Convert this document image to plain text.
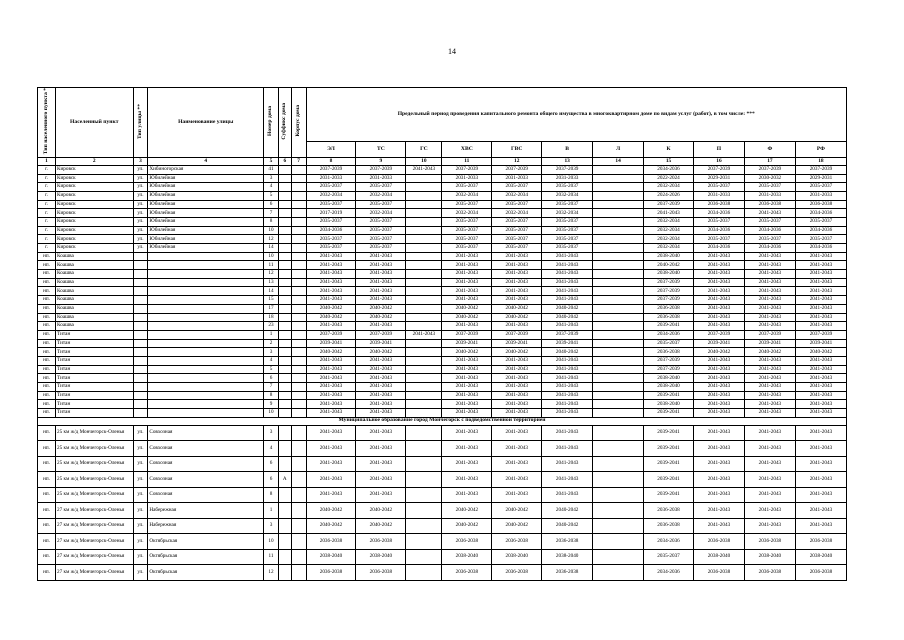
14
Тип населенного пункта *	Населенный пункт	Тип улицы **	Наименование улицы	Номер дома	Суффикс дома	Корпус дома	Предельный период проведения капитального ремонта общего имущества в многоквартирном доме по видам услуг (работ), в том числе: ***										
							ЭЛ	ТС	ГС	ХВС	ГВС	В	Л	К	П	Ф	РФ
1	2	3	4	5	6	7	8	9	10	11	12	13	14	15	16	17	18
г.	Кировск	ул.	Хибиногорская	41			2037-2039	2037-2039	2041-2043	2037-2039	2037-2039	2037-2039		2034-2036	2037-2039	2037-2039	2037-2039
г.	Кировск	ул.	Юбилейная	3			2031-2033	2031-2033		2031-2033	2031-2033	2031-2033		2022-2024	2029-2031	2030-2032	2029-2031
г.	Кировск	ул.	Юбилейная	4			2035-2037	2035-2037		2035-2037	2035-2037	2035-2037		2032-2034	2035-2037	2035-2037	2035-2037
г.	Кировск	ул.	Юбилейная	5			2032-2034	2032-2034		2032-2034	2032-2034	2032-2034		2024-2026	2031-2033	2031-2033	2031-2033
г.	Кировск	ул.	Юбилейная	6			2035-2037	2035-2037		2035-2037	2035-2037	2035-2037		2037-2039	2036-2038	2036-2038	2036-2038
г.	Кировск	ул.	Юбилейная	7			2017-2019	2032-2034		2032-2034	2032-2034	2032-2034		2041-2043	2034-2036	2041-2043	2034-2036
г.	Кировск	ул.	Юбилейная	8			2035-2037	2035-2037		2035-2037	2035-2037	2035-2037		2032-2034	2035-2037	2035-2037	2035-2037
г.	Кировск	ул.	Юбилейная	10			2034-2036	2035-2037		2035-2037	2035-2037	2035-2037		2032-2034	2034-2036	2034-2036	2034-2036
г.	Кировск	ул.	Юбилейная	12			2035-2037	2035-2037		2035-2037	2035-2037	2035-2037		2032-2034	2035-2037	2035-2037	2035-2037
г.	Кировск	ул.	Юбилейная	14			2035-2037	2035-2037		2035-2037	2035-2037	2035-2037		2032-2034	2034-2036	2034-2036	2034-2036
нп.	Коашва			10			2041-2043	2041-2043		2041-2043	2041-2043	2041-2043		2038-2040	2041-2043	2041-2043	2041-2043
нп.	Коашва			11			2041-2043	2041-2043		2041-2043	2041-2043	2041-2043		2040-2042	2041-2043	2041-2043	2041-2043
нп.	Коашва			12			2041-2043	2041-2043		2041-2043	2041-2043	2041-2043		2038-2040	2041-2043	2041-2043	2041-2043
нп.	Коашва			13			2041-2043	2041-2043		2041-2043	2041-2043	2041-2043		2037-2039	2041-2043	2041-2043	2041-2043
нп.	Коашва			14			2041-2043	2041-2043		2041-2043	2041-2043	2041-2043		2037-2039	2041-2043	2041-2043	2041-2043
нп.	Коашва			15			2041-2043	2041-2043		2041-2043	2041-2043	2041-2043		2037-2039	2041-2043	2041-2043	2041-2043
нп.	Коашва			17			2040-2042	2040-2042		2040-2042	2040-2042	2040-2042		2036-2038	2041-2043	2041-2043	2041-2043
нп.	Коашва			18			2040-2042	2040-2042		2040-2042	2040-2042	2040-2042		2036-2038	2041-2043	2041-2043	2041-2043
нп.	Коашва			23			2041-2043	2041-2043		2041-2043	2041-2043	2041-2043		2039-2041	2041-2043	2041-2043	2041-2043
нп.	Титан			1			2037-2039	2037-2039	2041-2043	2037-2039	2037-2039	2037-2039		2034-2036	2037-2039	2037-2039	2037-2039
нп.	Титан			2			2039-2041	2039-2041		2039-2041	2039-2041	2039-2041		2035-2037	2039-2041	2039-2041	2039-2041
нп.	Титан			3			2040-2042	2040-2042		2040-2042	2040-2042	2040-2042		2036-2038	2040-2042	2040-2042	2040-2042
нп.	Титан			4			2041-2043	2041-2043		2041-2043	2041-2043	2041-2043		2037-2039	2041-2043	2041-2043	2041-2043
нп.	Титан			5			2041-2043	2041-2043		2041-2043	2041-2043	2041-2043		2037-2039	2041-2043	2041-2043	2041-2043
нп.	Титан			6			2041-2043	2041-2043		2041-2043	2041-2043	2041-2043		2038-2040	2041-2043	2041-2043	2041-2043
нп.	Титан			7			2041-2043	2041-2043		2041-2043	2041-2043	2041-2043		2038-2040	2041-2043	2041-2043	2041-2043
нп.	Титан			8			2041-2043	2041-2043		2041-2043	2041-2043	2041-2043		2039-2041	2041-2043	2041-2043	2041-2043
нп.	Титан			9			2041-2043	2041-2043		2041-2043	2041-2043	2041-2043		2038-2040	2041-2043	2041-2043	2041-2043
нп.	Титан			10			2041-2043	2041-2043		2041-2043	2041-2043	2041-2043		2039-2041	2041-2043	2041-2043	2041-2043
Муниципальное образование город Мончегорск с подведомственной территорией																	
нп.	25 км ж/д Мончегорск-Оленья	ул.	Совхозная	3			2041-2043	2041-2043		2041-2043	2041-2043	2041-2043		2039-2041	2041-2043	2041-2043	2041-2043
нп.	25 км ж/д Мончегорск-Оленья	ул.	Совхозная	4			2041-2043	2041-2043		2041-2043	2041-2043	2041-2043		2039-2041	2041-2043	2041-2043	2041-2043
нп.	25 км ж/д Мончегорск-Оленья	ул.	Совхозная	6			2041-2043	2041-2043		2041-2043	2041-2043	2041-2043		2039-2041	2041-2043	2041-2043	2041-2043
нп.	25 км ж/д Мончегорск-Оленья	ул.	Совхозная	6	А		2041-2043	2041-2043		2041-2043	2041-2043	2041-2043		2039-2041	2041-2043	2041-2043	2041-2043
нп.	25 км ж/д Мончегорск-Оленья	ул.	Совхозная	8			2041-2043	2041-2043		2041-2043	2041-2043	2041-2043		2039-2041	2041-2043	2041-2043	2041-2043
нп.	27 км ж/д Мончегорск-Оленья	ул.	Набережная	1			2040-2042	2040-2042		2040-2042	2040-2042	2040-2042		2036-2038	2041-2043	2041-2043	2041-2043
нп.	27 км ж/д Мончегорск-Оленья	ул.	Набережная	3			2040-2042	2040-2042		2040-2042	2040-2042	2040-2042		2036-2038	2041-2043	2041-2043	2041-2043
нп.	27 км ж/д Мончегорск-Оленья	ул.	Октябрьская	10			2036-2038	2036-2038		2036-2038	2036-2038	2036-2038		2034-2036	2036-2038	2036-2038	2036-2038
нп.	27 км ж/д Мончегорск-Оленья	ул.	Октябрьская	11			2038-2040	2038-2040		2038-2040	2038-2040	2038-2040		2035-2037	2038-2040	2038-2040	2038-2040
нп.	27 км ж/д Мончегорск-Оленья	ул.	Октябрьская	12			2036-2038	2036-2038		2036-2038	2036-2038	2036-2038		2034-2036	2036-2038	2036-2038	2036-2038
